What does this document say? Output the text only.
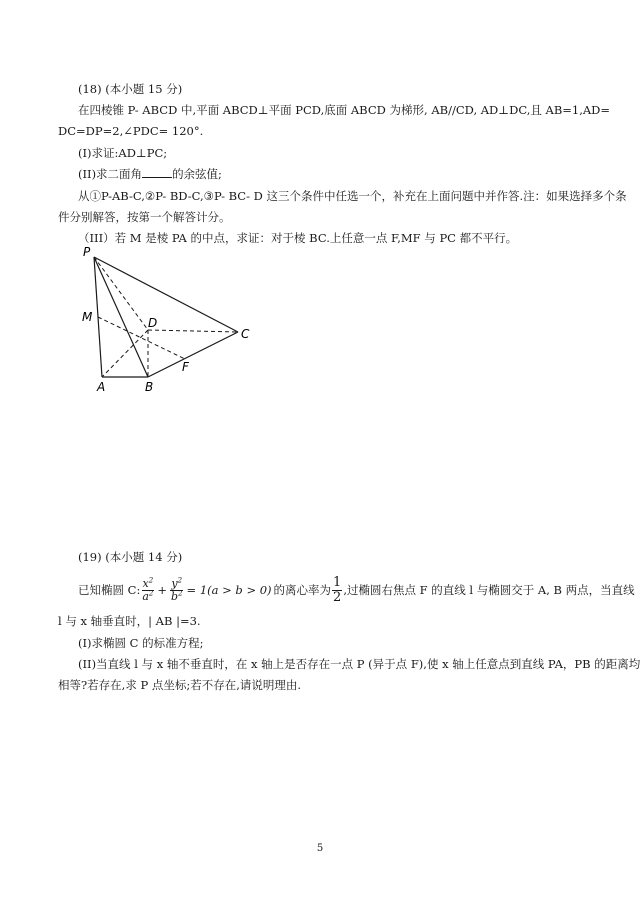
(18) (本小题 15 分)
在四棱锥 P- ABCD 中,平面 ABCD⊥平面 PCD,底面 ABCD 为梯形, AB//CD, AD⊥DC,且 AB=1,AD=
DC=DP=2,∠PDC= 120°.
(I)求证:AD⊥PC;
(II)求二面角	的余弦值;
从①P-AB-C,②P- BD-C,③P- BC- D 这三个条件中任选一个，补充在上面问题中并作答.注：如果选择多个条
件分别解答，按第一个解答计分。
（III）若 M 是棱 PA 的中点，求证：对于棱 BC.上任意一点 F,MF 与 PC 都不平行。
P
M	D
C
F
A	B
(19) (本小题 14 分)
已知椭圆 C: $\frac{x^2}{a^2} + \frac{y^2}{b^2} = 1(a > b > 0)$ 的离心率为 $\frac{1}{2}$ ,过椭圆右焦点 F 的直线 l 与椭圆交于 A, B 两点，当直线
l 与 x 轴垂直时，| AB |=3.
(I)求椭圆 C 的标准方程;
(II)当直线 l 与 x 轴不垂直时，在 x 轴上是否存在一点 P (异于点 F),使 x 轴上任意点到直线 PA，PB 的距离均
相等?若存在,求 P 点坐标;若不存在,请说明理由.
5
